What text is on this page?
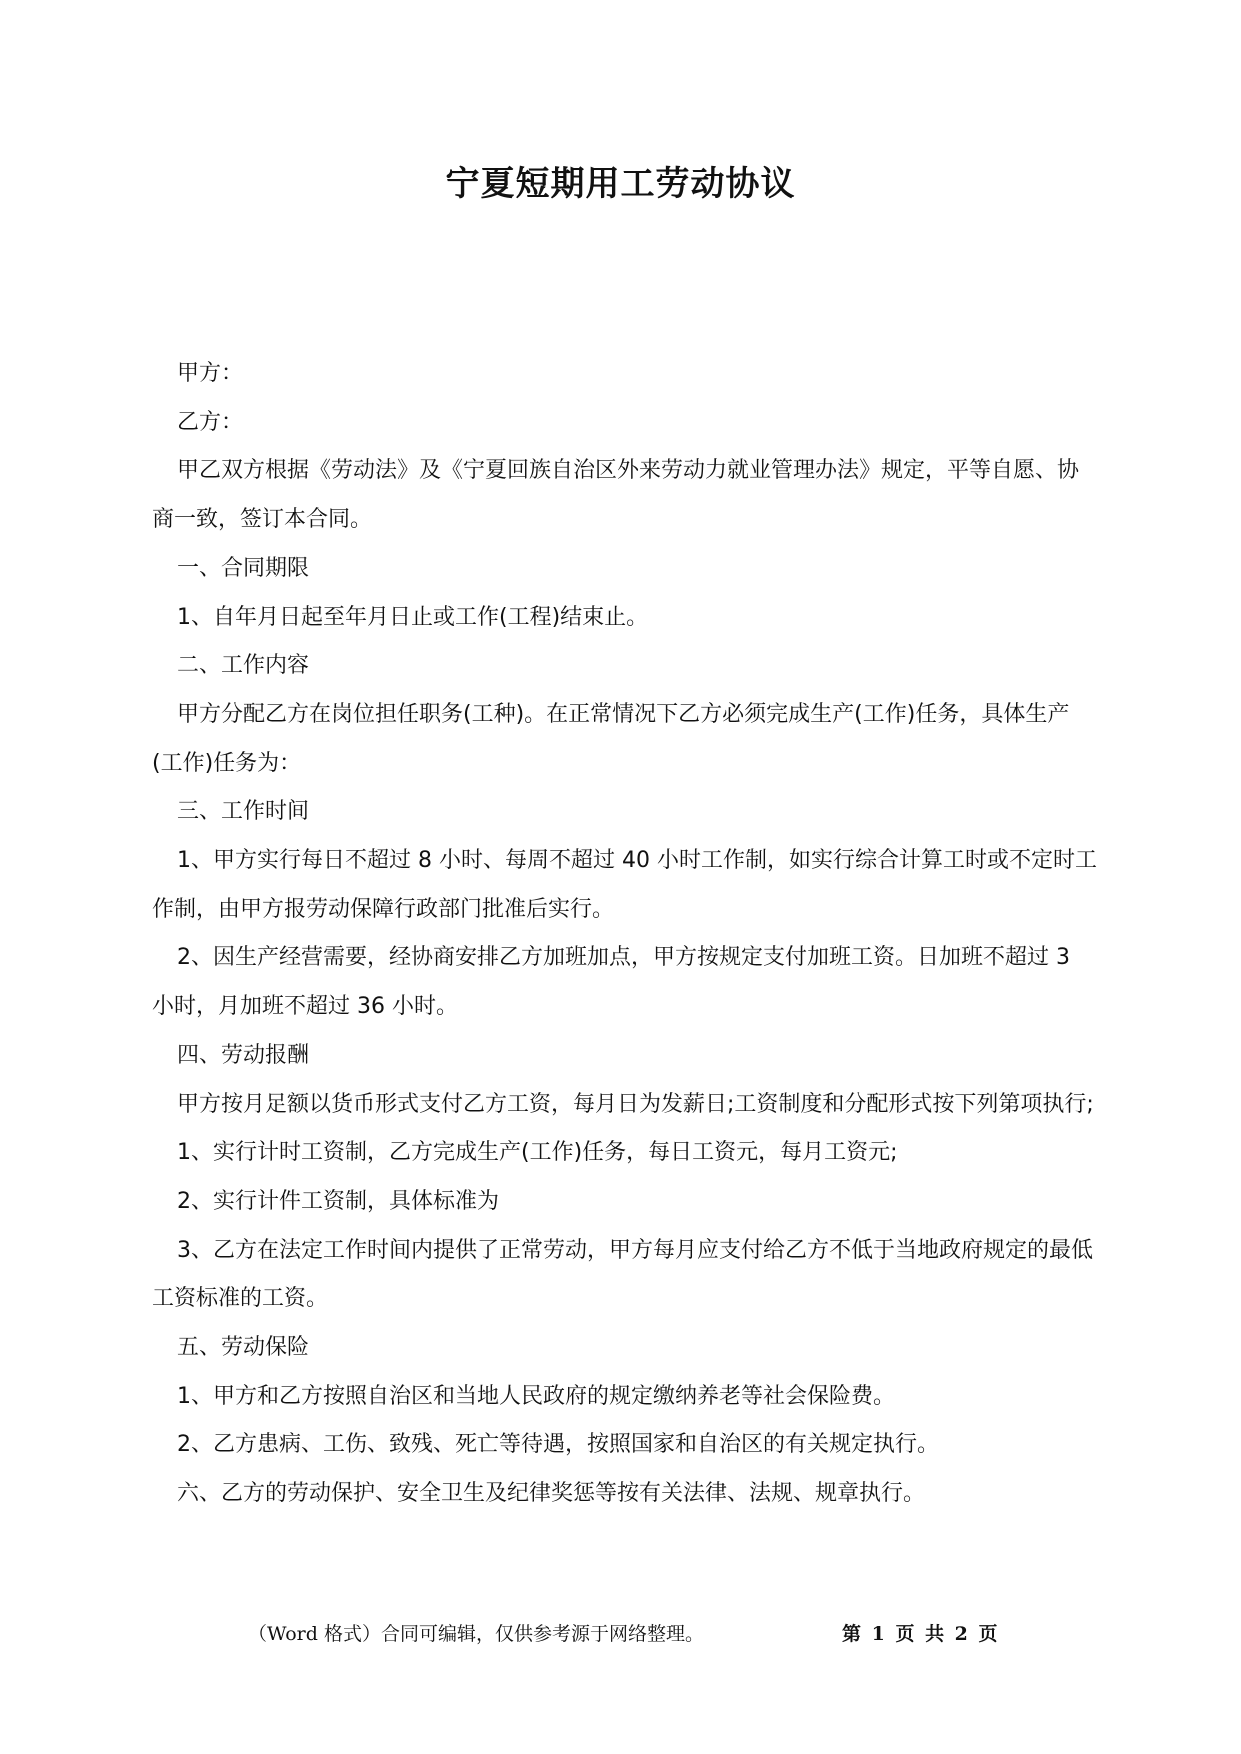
宁夏短期用工劳动协议

甲方：

乙方：

甲乙双方根据《劳动法》及《宁夏回族自治区外来劳动力就业管理办法》规定，平等自愿、协商一致，签订本合同。

一、合同期限

1、自年月日起至年月日止或工作(工程)结束止。

二、工作内容

甲方分配乙方在岗位担任职务(工种)。在正常情况下乙方必须完成生产(工作)任务，具体生产(工作)任务为：

三、工作时间

1、甲方实行每日不超过 8 小时、每周不超过 40 小时工作制，如实行综合计算工时或不定时工作制，由甲方报劳动保障行政部门批准后实行。

2、因生产经营需要，经协商安排乙方加班加点，甲方按规定支付加班工资。日加班不超过 3 小时，月加班不超过 36 小时。

四、劳动报酬

甲方按月足额以货币形式支付乙方工资，每月日为发薪日;工资制度和分配形式按下列第项执行;

1、实行计时工资制，乙方完成生产(工作)任务，每日工资元，每月工资元;

2、实行计件工资制，具体标准为

3、乙方在法定工作时间内提供了正常劳动，甲方每月应支付给乙方不低于当地政府规定的最低工资标准的工资。

五、劳动保险

1、甲方和乙方按照自治区和当地人民政府的规定缴纳养老等社会保险费。

2、乙方患病、工伤、致残、死亡等待遇，按照国家和自治区的有关规定执行。

六、乙方的劳动保护、安全卫生及纪律奖惩等按有关法律、法规、规章执行。

（Word 格式）合同可编辑，仅供参考源于网络整理。	第 1 页 共 2 页
